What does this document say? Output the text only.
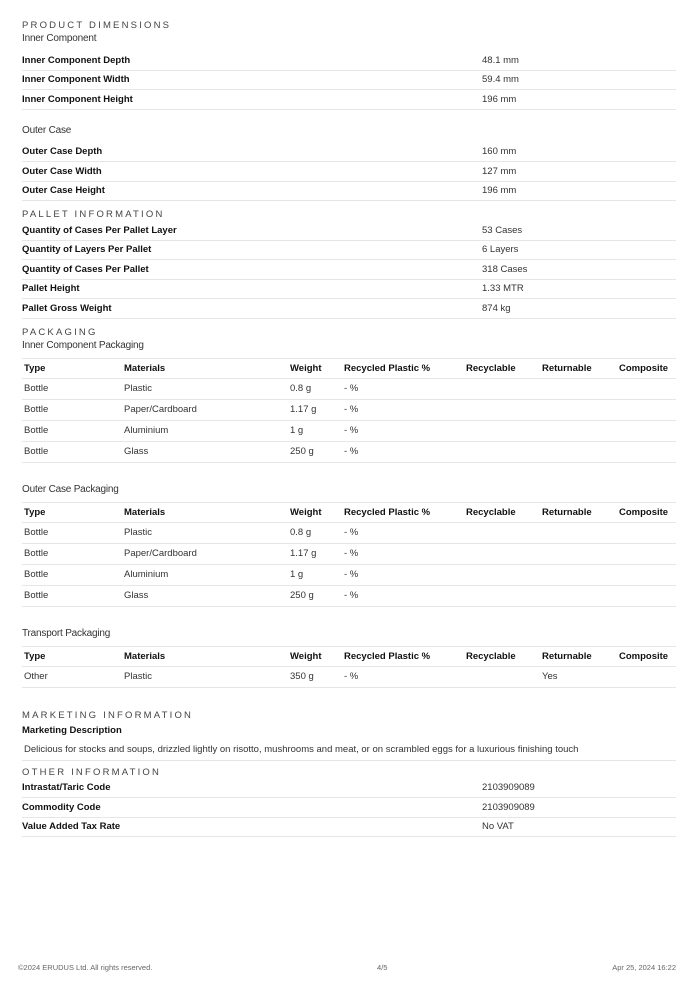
PRODUCT DIMENSIONS
Inner Component
Inner Component Depth	48.1 mm
Inner Component Width	59.4 mm
Inner Component Height	196 mm
Outer Case
Outer Case Depth	160 mm
Outer Case Width	127 mm
Outer Case Height	196 mm
PALLET INFORMATION
Quantity of Cases Per Pallet Layer	53 Cases
Quantity of Layers Per Pallet	6 Layers
Quantity of Cases Per Pallet	318 Cases
Pallet Height	1.33 MTR
Pallet Gross Weight	874 kg
PACKAGING
Inner Component Packaging
Type	Materials	Weight	Recycled Plastic %	Recyclable	Returnable	Composite
Bottle	Plastic	0.8 g	- %			
Bottle	Paper/Cardboard	1.17 g	- %			
Bottle	Aluminium	1 g	- %			
Bottle	Glass	250 g	- %			
Outer Case Packaging
Type	Materials	Weight	Recycled Plastic %	Recyclable	Returnable	Composite
Bottle	Plastic	0.8 g	- %			
Bottle	Paper/Cardboard	1.17 g	- %			
Bottle	Aluminium	1 g	- %			
Bottle	Glass	250 g	- %			
Transport Packaging
Type	Materials	Weight	Recycled Plastic %	Recyclable	Returnable	Composite
Other	Plastic	350 g	- %		Yes	
MARKETING INFORMATION
Marketing Description
Delicious for stocks and soups, drizzled lightly on risotto, mushrooms and meat, or on scrambled eggs for a luxurious finishing touch
OTHER INFORMATION
Intrastat/Taric Code	2103909089
Commodity Code	2103909089
Value Added Tax Rate	No VAT
©2024 ERUDUS Ltd. All rights reserved.	4/5	Apr 25, 2024 16:22
